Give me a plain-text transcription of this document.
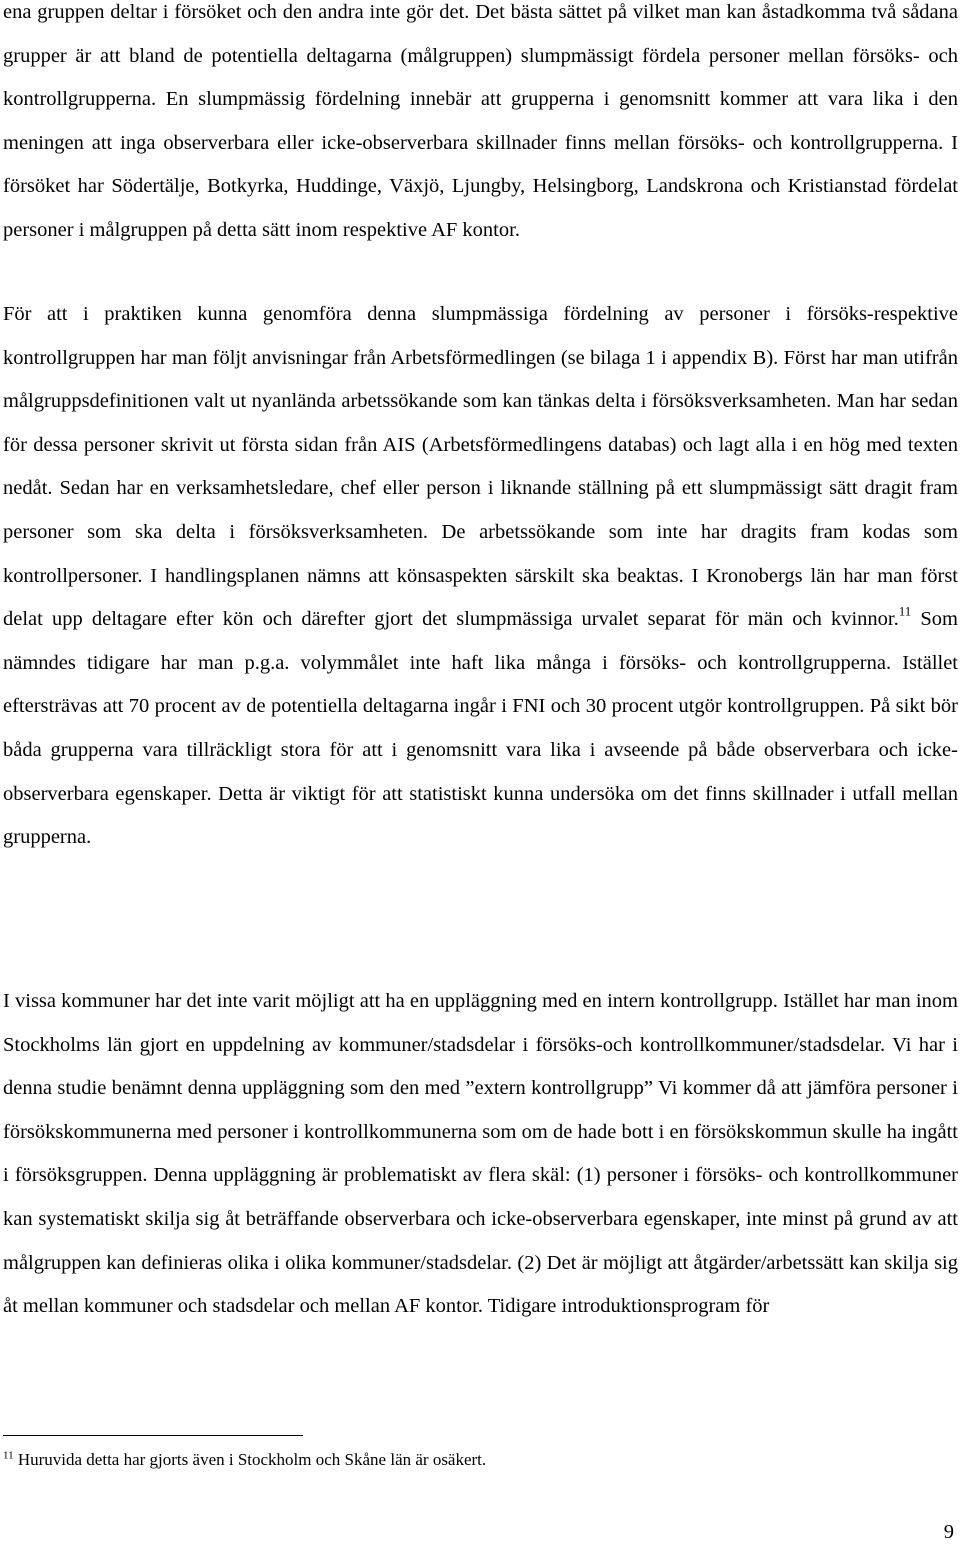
ena gruppen deltar i försöket och den andra inte gör det. Det bästa sättet på vilket man kan åstadkomma två sådana grupper är att bland de potentiella deltagarna (målgruppen) slumpmässigt fördela personer mellan försöks- och kontrollgrupperna. En slumpmässig fördelning innebär att grupperna i genomsnitt kommer att vara lika i den meningen att inga observerbara eller icke-observerbara skillnader finns mellan försöks- och kontrollgrupperna. I försöket har Södertälje, Botkyrka, Huddinge, Växjö, Ljungby, Helsingborg, Landskrona och Kristianstad fördelat personer i målgruppen på detta sätt inom respektive AF kontor.

För att i praktiken kunna genomföra denna slumpmässiga fördelning av personer i försöks-respektive kontrollgruppen har man följt anvisningar från Arbetsförmedlingen (se bilaga 1 i appendix B). Först har man utifrån målgruppsdefinitionen valt ut nyanlända arbetssökande som kan tänkas delta i försöksverksamheten. Man har sedan för dessa personer skrivit ut första sidan från AIS (Arbetsförmedlingens databas) och lagt alla i en hög med texten nedåt. Sedan har en verksamhetsledare, chef eller person i liknande ställning på ett slumpmässigt sätt dragit fram personer som ska delta i försöksverksamheten. De arbetssökande som inte har dragits fram kodas som kontrollpersoner. I handlingsplanen nämns att könsaspekten särskilt ska beaktas. I Kronobergs län har man först delat upp deltagare efter kön och därefter gjort det slumpmässiga urvalet separat för män och kvinnor.$^{11}$ Som nämndes tidigare har man p.g.a. volymmålet inte haft lika många i försöks- och kontrollgrupperna. Istället eftersträvas att 70 procent av de potentiella deltagarna ingår i FNI och 30 procent utgör kontrollgruppen. På sikt bör båda grupperna vara tillräckligt stora för att i genomsnitt vara lika i avseende på både observerbara och icke-observerbara egenskaper. Detta är viktigt för att statistiskt kunna undersöka om det finns skillnader i utfall mellan grupperna.

I vissa kommuner har det inte varit möjligt att ha en uppläggning med en intern kontrollgrupp. Istället har man inom Stockholms län gjort en uppdelning av kommuner/stadsdelar i försöks-och kontrollkommuner/stadsdelar. Vi har i denna studie benämnt denna uppläggning som den med ”extern kontrollgrupp” Vi kommer då att jämföra personer i försökskommunerna med personer i kontrollkommunerna som om de hade bott i en försökskommun skulle ha ingått i försöksgruppen. Denna uppläggning är problematiskt av flera skäl: (1) personer i försöks- och kontrollkommuner kan systematiskt skilja sig åt beträffande observerbara och icke-observerbara egenskaper, inte minst på grund av att målgruppen kan definieras olika i olika kommuner/stadsdelar. (2) Det är möjligt att åtgärder/arbetssätt kan skilja sig åt mellan kommuner och stadsdelar och mellan AF kontor. Tidigare introduktionsprogram för

$^{11}$ Huruvida detta har gjorts även i Stockholm och Skåne län är osäkert.

9
